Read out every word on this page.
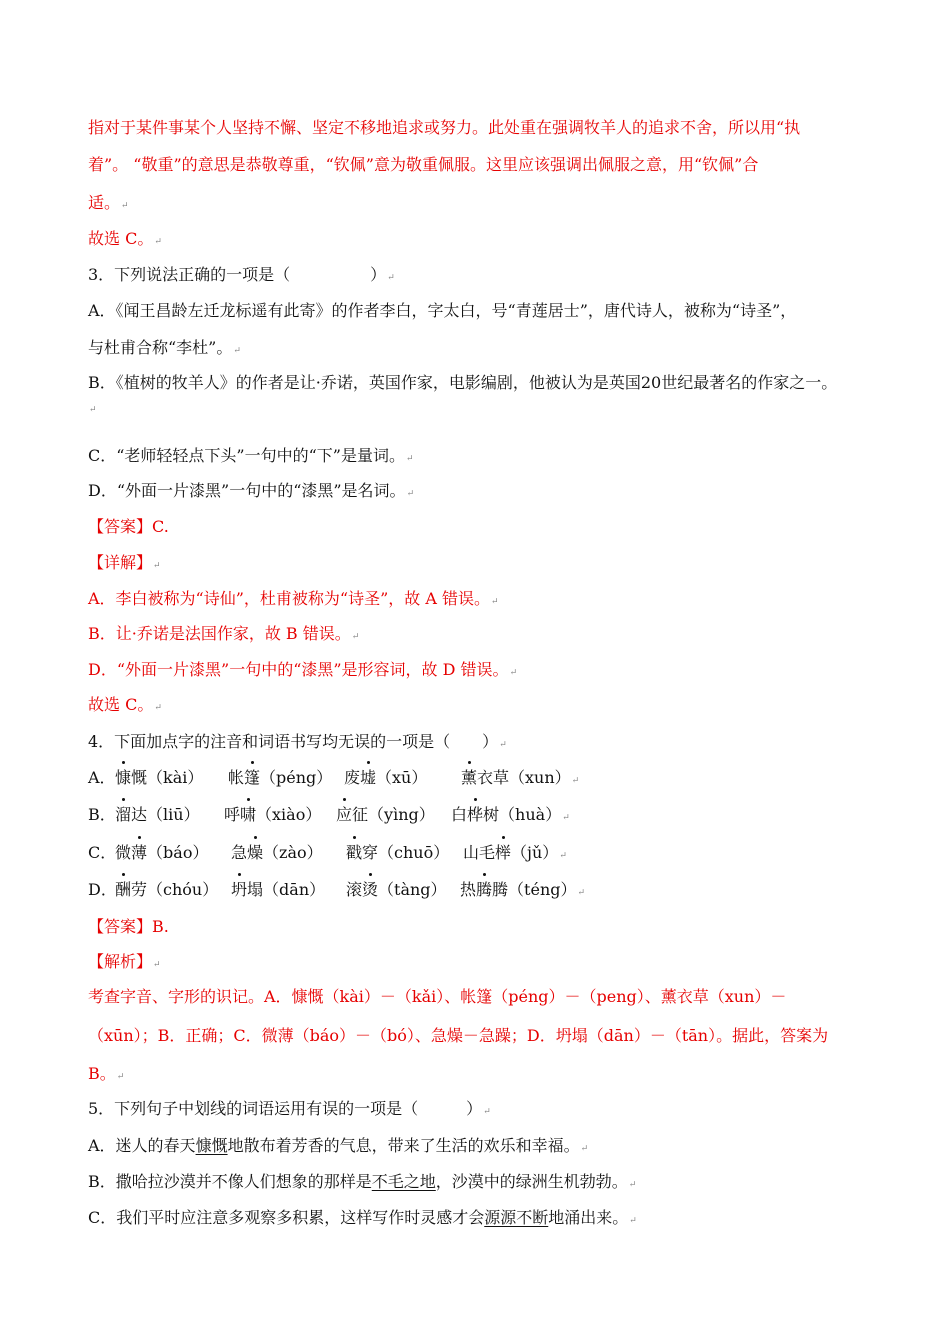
指对于某件事某个人坚持不懈、坚定不移地追求或努力。此处重在强调牧羊人的追求不舍，所以用“执
着”。 “敬重”的意思是恭敬尊重，“钦佩”意为敬重佩服。这里应该强调出佩服之意，用“钦佩”合
适。↵
故选 C。↵
3．下列说法正确的一项是（　　　　　）↵
A．《闻王昌龄左迁龙标遥有此寄》的作者李白，字太白，号“青莲居士”，唐代诗人，被称为“诗圣”，
与杜甫合称“李杜”。↵
B．《植树的牧羊人》的作者是让·乔诺，英国作家，电影编剧，他被认为是英国20世纪最著名的作家之一。
↵
C．“老师轻轻点下头”一句中的“下”是量词。↵
D．“外面一片漆黑”一句中的“漆黑”是名词。↵
【答案】C.
【详解】↵
A．李白被称为“诗仙”，杜甫被称为“诗圣”，故 A 错误。↵
B．让·乔诺是法国作家，故 B 错误。↵
D．“外面一片漆黑”一句中的“漆黑”是形容词，故 D 错误。↵
故选 C。↵
4．下面加点字的注音和词语书写均无误的一项是（　　）↵
A． 慷慨（kài） 帐篷（péng） 废墟（xū） 薰衣草（xun）↵
B． 溜达（liū） 呼啸（xiào） 应征（yìng） 白桦树（huà）↵
C．
微薄（báo） 急燥（zào） 戳穿（chuō） 山毛榉（jǔ）↵
D．
酬劳（chóu） 坍塌（dān） 滚烫（tàng） 热腾腾（téng）↵
【答案】B.
【解析】↵
考查字音、字形的识记。A．慷慨（kài）－（kǎi）、帐篷（péng）－（peng）、薰衣草（xun）－
（xūn）；B．正确；C．微薄（báo）－（bó）、急燥－急躁；D．坍塌（dān）－（tān）。据此，答案为
B。↵
5．下列句子中划线的词语运用有误的一项是（　　　）↵
A．迷人的春天慷慨地散布着芳香的气息，带来了生活的欢乐和幸福。↵
B．撒哈拉沙漠并不像人们想象的那样是不毛之地，沙漠中的绿洲生机勃勃。↵
C．我们平时应注意多观察多积累，这样写作时灵感才会源源不断地涌出来。↵
